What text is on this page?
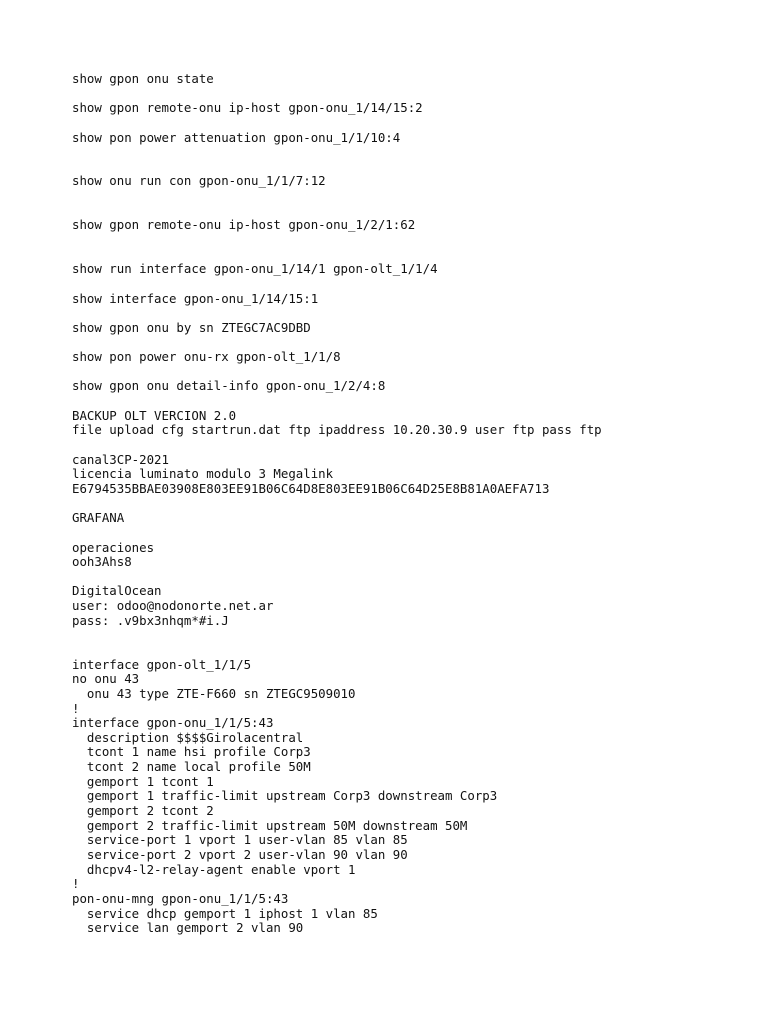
show gpon onu state
show gpon remote-onu ip-host gpon-onu_1/14/15:2
show pon power attenuation gpon-onu_1/1/10:4
show onu run con gpon-onu_1/1/7:12
show gpon remote-onu ip-host gpon-onu_1/2/1:62
show run interface gpon-onu_1/14/1 gpon-olt_1/1/4
show interface gpon-onu_1/14/15:1
show gpon onu by sn ZTEGC7AC9DBD
show pon power onu-rx gpon-olt_1/1/8
show gpon onu detail-info gpon-onu_1/2/4:8
BACKUP OLT VERCION 2.0
file upload cfg startrun.dat ftp ipaddress 10.20.30.9 user ftp pass ftp
canal3CP-2021
licencia luminato modulo 3 Megalink
E6794535BBAE03908E803EE91B06C64D8E803EE91B06C64D25E8B81A0AEFA713
GRAFANA
operaciones
ooh3Ahs8
DigitalOcean
user: odoo@nodonorte.net.ar
pass: .v9bx3nhqm*#i.J
interface gpon-olt_1/1/5
no onu 43
onu 43 type ZTE-F660 sn ZTEGC9509010
!
interface gpon-onu_1/1/5:43
description $$$$Girolacentral
tcont 1 name hsi profile Corp3
tcont 2 name local profile 50M
gemport 1 tcont 1
gemport 1 traffic-limit upstream Corp3 downstream Corp3
gemport 2 tcont 2
gemport 2 traffic-limit upstream 50M downstream 50M
service-port 1 vport 1 user-vlan 85 vlan 85
service-port 2 vport 2 user-vlan 90 vlan 90
dhcpv4-l2-relay-agent enable vport 1
!
pon-onu-mng gpon-onu_1/1/5:43
service dhcp gemport 1 iphost 1 vlan 85
service lan gemport 2 vlan 90
